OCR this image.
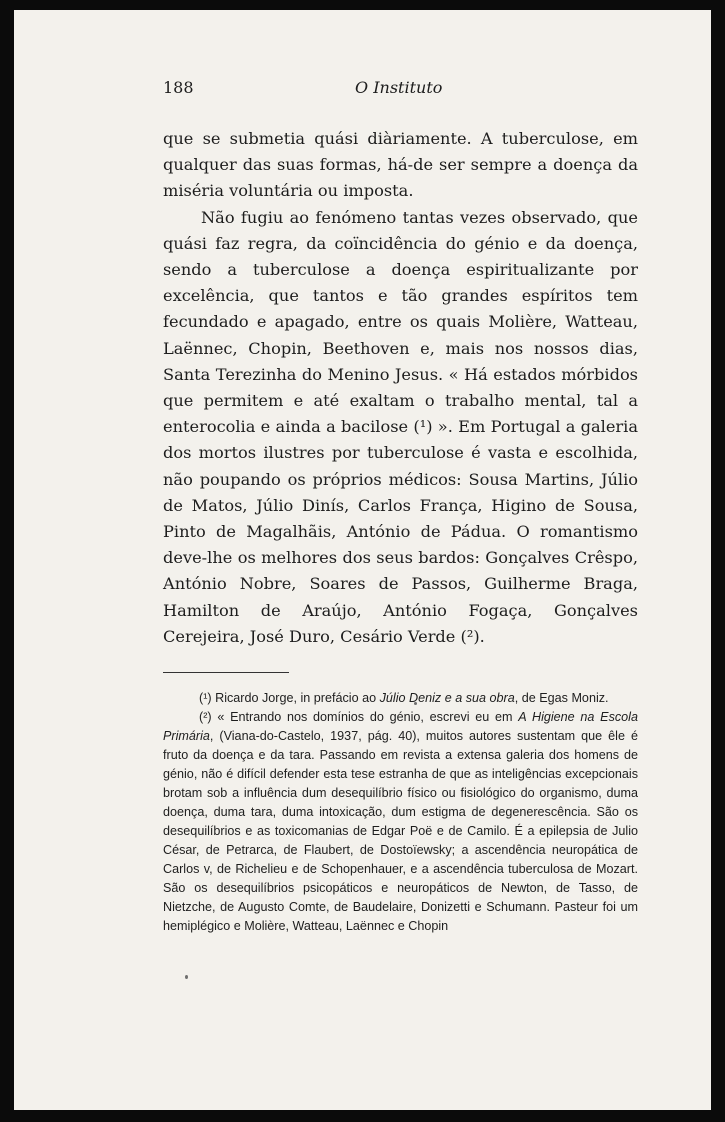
188	O Instituto

que se submetia quási diàriamente. A tuberculose, em qualquer das suas formas, há-de ser sempre a doença da miséria voluntária ou imposta.

Não fugiu ao fenómeno tantas vezes observado, que quási faz regra, da coïncidência do génio e da doença, sendo a tuberculose a doença espiritualizante por excelência, que tantos e tão grandes espíritos tem fecundado e apagado, entre os quais Molière, Watteau, Laënnec, Chopin, Beethoven e, mais nos nossos dias, Santa Terezinha do Menino Jesus. « Há estados mórbidos que permitem e até exaltam o trabalho mental, tal a enterocolia e ainda a bacilose (¹) ». Em Portugal a galeria dos mortos ilustres por tuberculose é vasta e escolhida, não poupando os próprios médicos: Sousa Martins, Júlio de Matos, Júlio Dinís, Carlos França, Higino de Sousa, Pinto de Magalhãis, António de Pádua. O romantismo deve-lhe os melhores dos seus bardos: Gonçalves Crêspo, António Nobre, Soares de Passos, Guilherme Braga, Hamilton de Araújo, António Fogaça, Gonçalves Cerejeira, José Duro, Cesário Verde (²).

(¹) Ricardo Jorge, in prefácio ao Júlio Deniz e a sua obra, de Egas Moniz.

(²) « Entrando nos domínios do génio, escrevi eu em A Higiene na Escola Primária, (Viana-do-Castelo, 1937, pág. 40), muitos autores sustentam que êle é fruto da doença e da tara. Passando em revista a extensa galeria dos homens de génio, não é difícil defender esta tese estranha de que as inteligências excepcionais brotam sob a influência dum desequilíbrio físico ou fisiológico do organismo, duma doença, duma tara, duma intoxicação, dum estigma de degenerescência. São os desequilíbrios e as toxicomanias de Edgar Poë e de Camilo. É a epilepsia de Julio César, de Petrarca, de Flaubert, de Dostoïewsky; a ascendência neuropática de Carlos v, de Richelieu e de Schopenhauer, e a ascendência tuberculosa de Mozart. São os desequilíbrios psicopáticos e neuropáticos de Newton, de Tasso, de Nietzche, de Augusto Comte, de Baudelaire, Donizetti e Schumann. Pasteur foi um hemiplégico e Molière, Watteau, Laënnec e Chopin
